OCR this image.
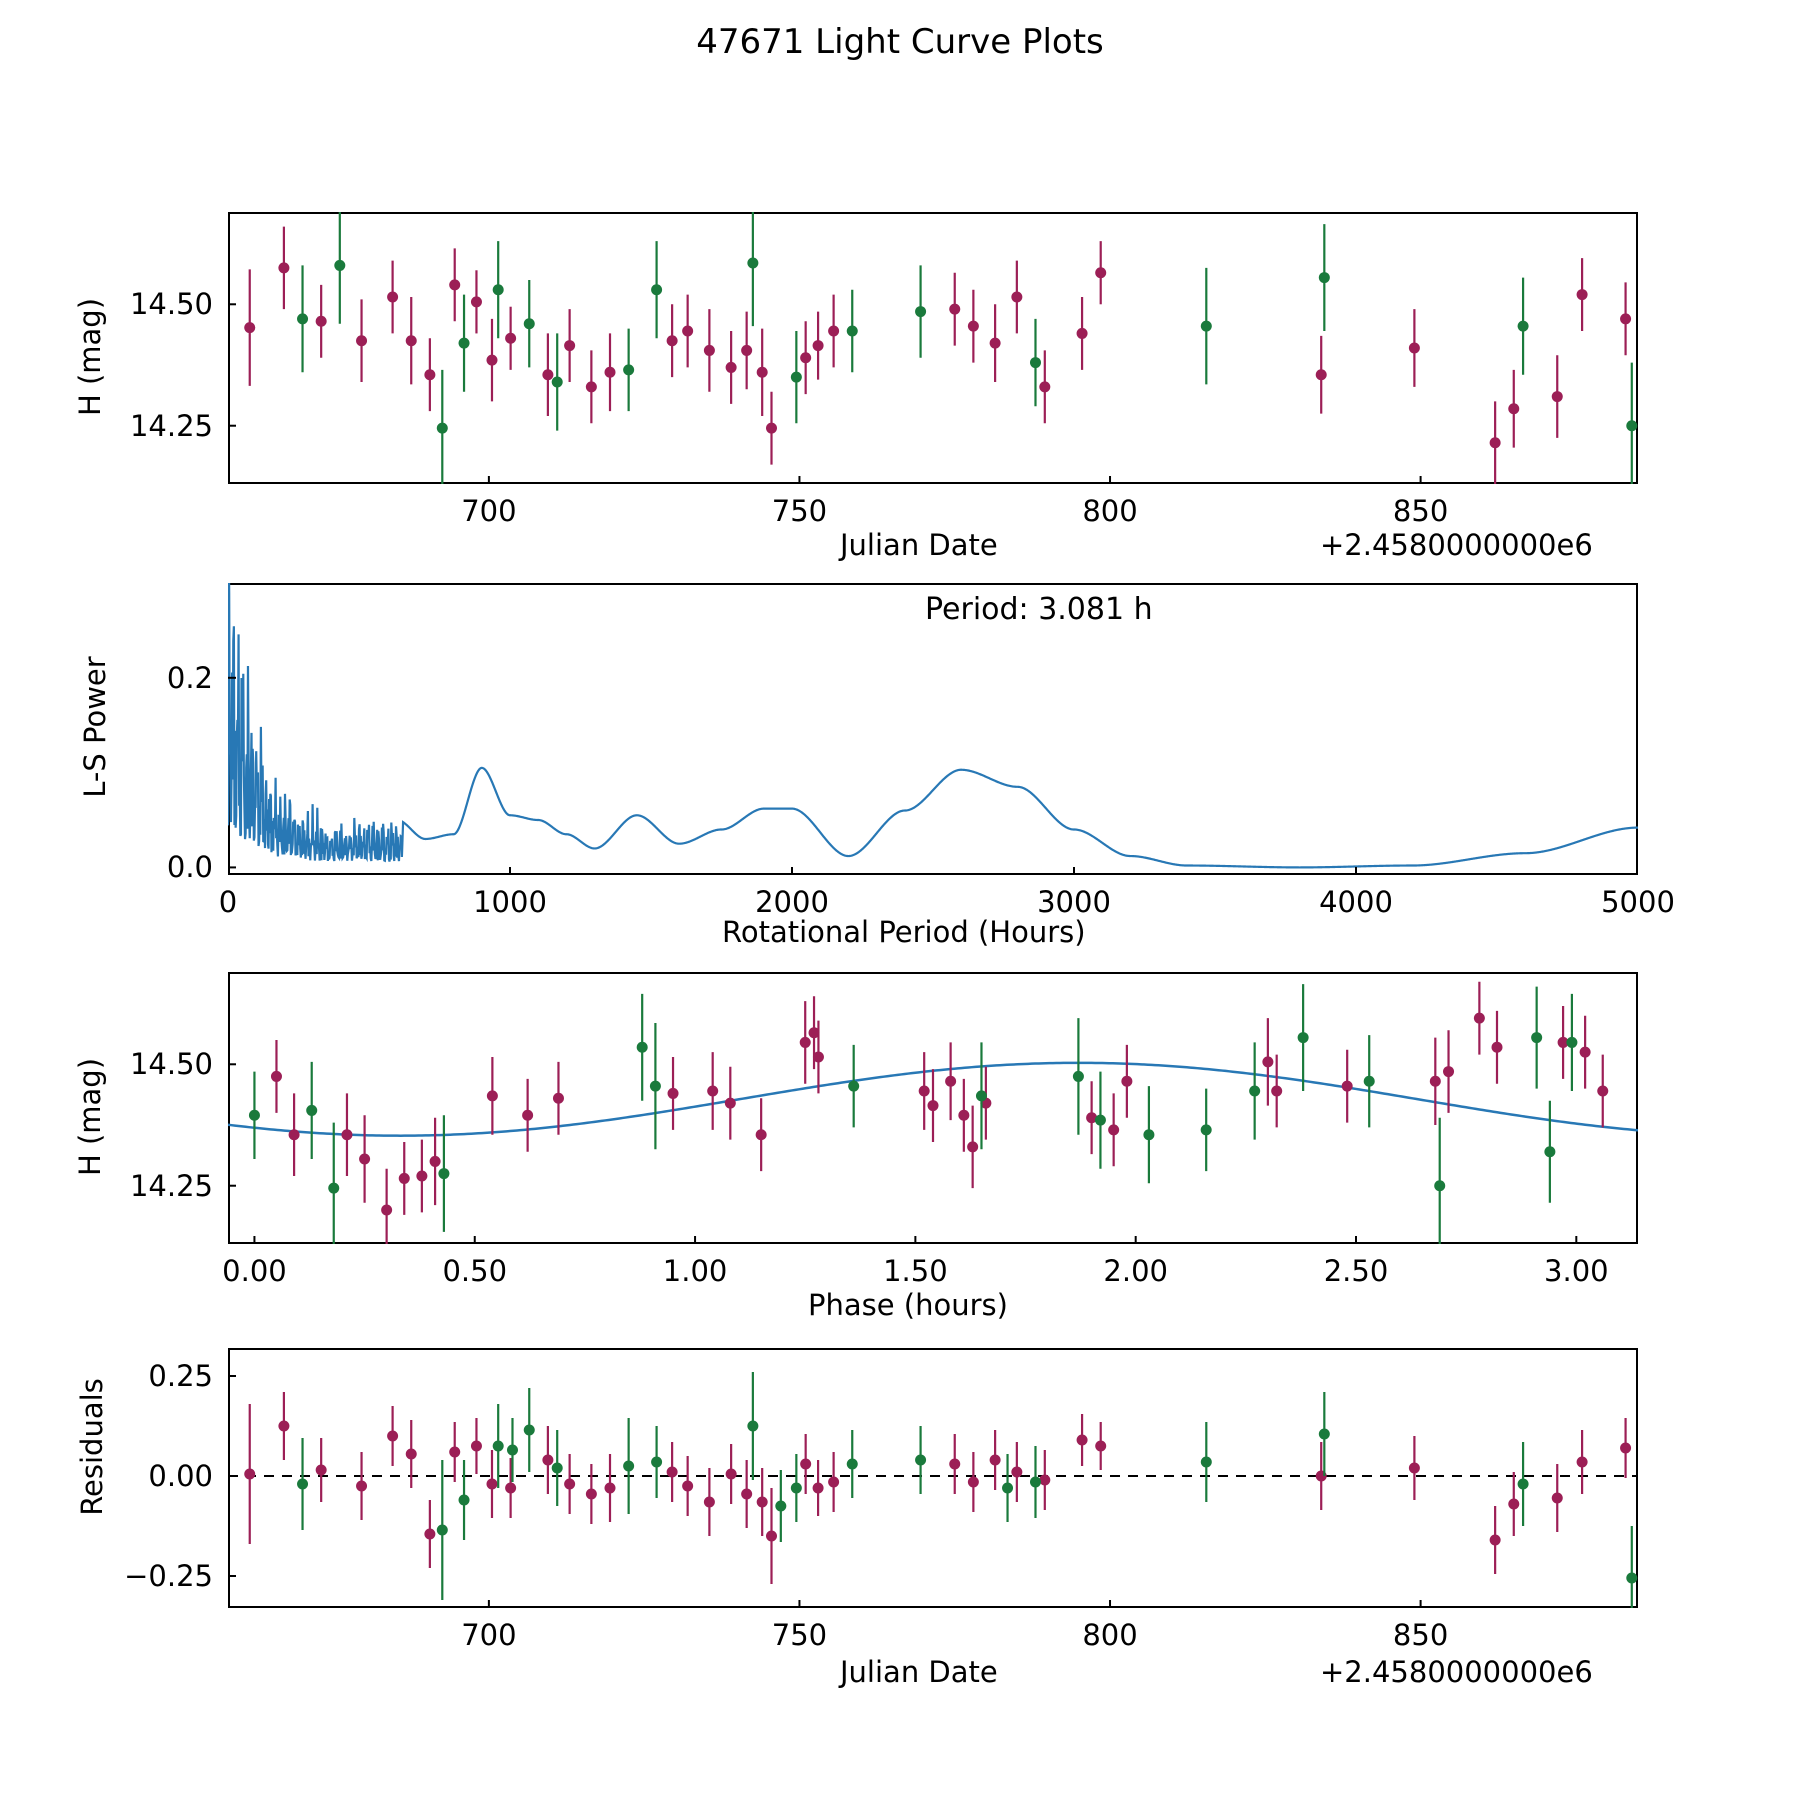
47671 Light Curve Plots
H (mag)
Julian Date	+2.4580000000e6
700	750	800	850
14.25
14.50
Period: 3.081 h
L-S Power
Rotational Period (Hours)
0	1000	2000	3000	4000	5000
0.0
0.2
H (mag)
Phase (hours)
0.00	0.50	1.00	1.50	2.00	2.50	3.00
14.25
14.50
Residuals
Julian Date	+2.4580000000e6
700	750	800	850
−0.25
0.00
0.25
